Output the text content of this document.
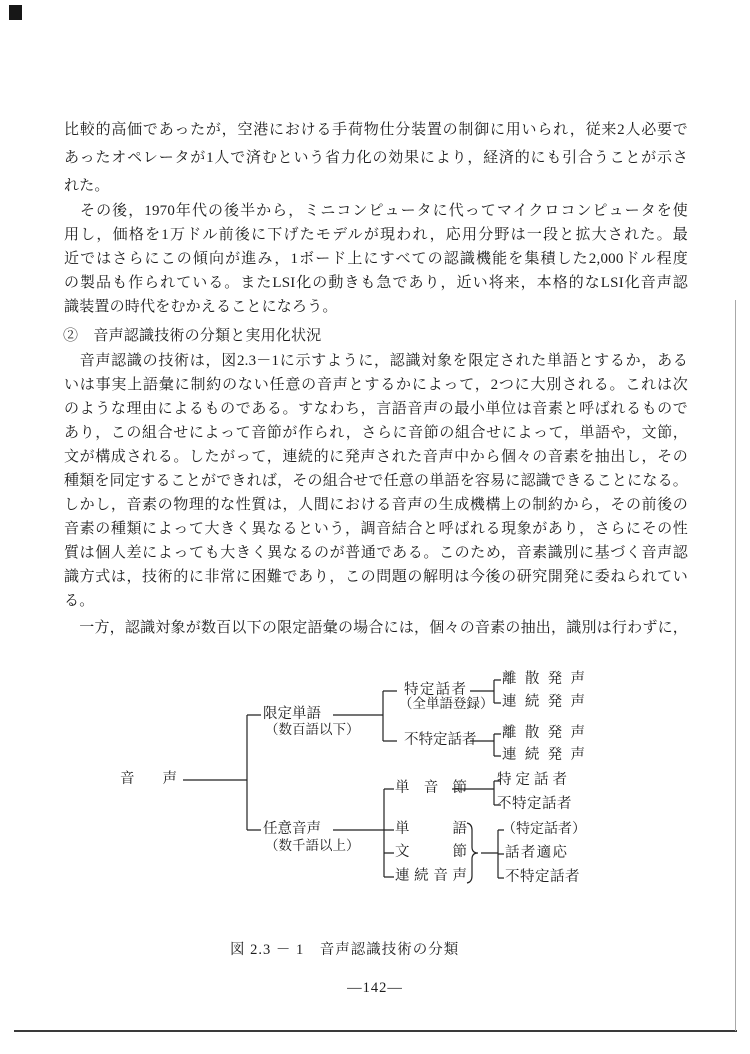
比較的高価であったが，空港における手荷物仕分装置の制御に用いられ，従来2人必要で
あったオペレータが1人で済むという省力化の効果により，経済的にも引合うことが示さ
れた。
　その後，1970年代の後半から，ミニコンピュータに代ってマイクロコンピュータを使
用し，価格を1万ドル前後に下げたモデルが現われ，応用分野は一段と拡大された。最
近ではさらにこの傾向が進み，1ボード上にすべての認識機能を集積した2,000ドル程度
の製品も作られている。またLSI化の動きも急であり，近い将来，本格的なLSI化音声認
識装置の時代をむかえることになろう。
②　音声認識技術の分類と実用化状況
　音声認識の技術は，図2.3－1に示すように，認識対象を限定された単語とするか，ある
いは事実上語彙に制約のない任意の音声とするかによって，2つに大別される。これは次
のような理由によるものである。すなわち，言語音声の最小単位は音素と呼ばれるもので
あり，この組合せによって音節が作られ，さらに音節の組合せによって，単語や，文節，
文が構成される。したがって，連続的に発声された音声中から個々の音素を抽出し，その
種類を同定することができれば，その組合せで任意の単語を容易に認識できることになる。
しかし，音素の物理的な性質は，人間における音声の生成機構上の制約から，その前後の
音素の種類によって大きく異なるという，調音結合と呼ばれる現象があり，さらにその性
質は個人差によっても大きく異なるのが普通である。このため，音素識別に基づく音声認
識方式は，技術的に非常に困難であり，この問題の解明は今後の研究開発に委ねられてい
る。
　一方，認識対象が数百以下の限定語彙の場合には，個々の音素の抽出，識別は行わずに，
音声
限定単語
（数百語以下）
特定話者
（全単語登録）
離散発声
連続発声
不特定話者 離散発声
連続発声
任意音声
（数千語以上）
単音節 特定話者
不特定話者
単語
文節
連続音声
（特定話者）
話者適応
不特定話者
図 2.3 － 1　音声認識技術の分類
—142—
